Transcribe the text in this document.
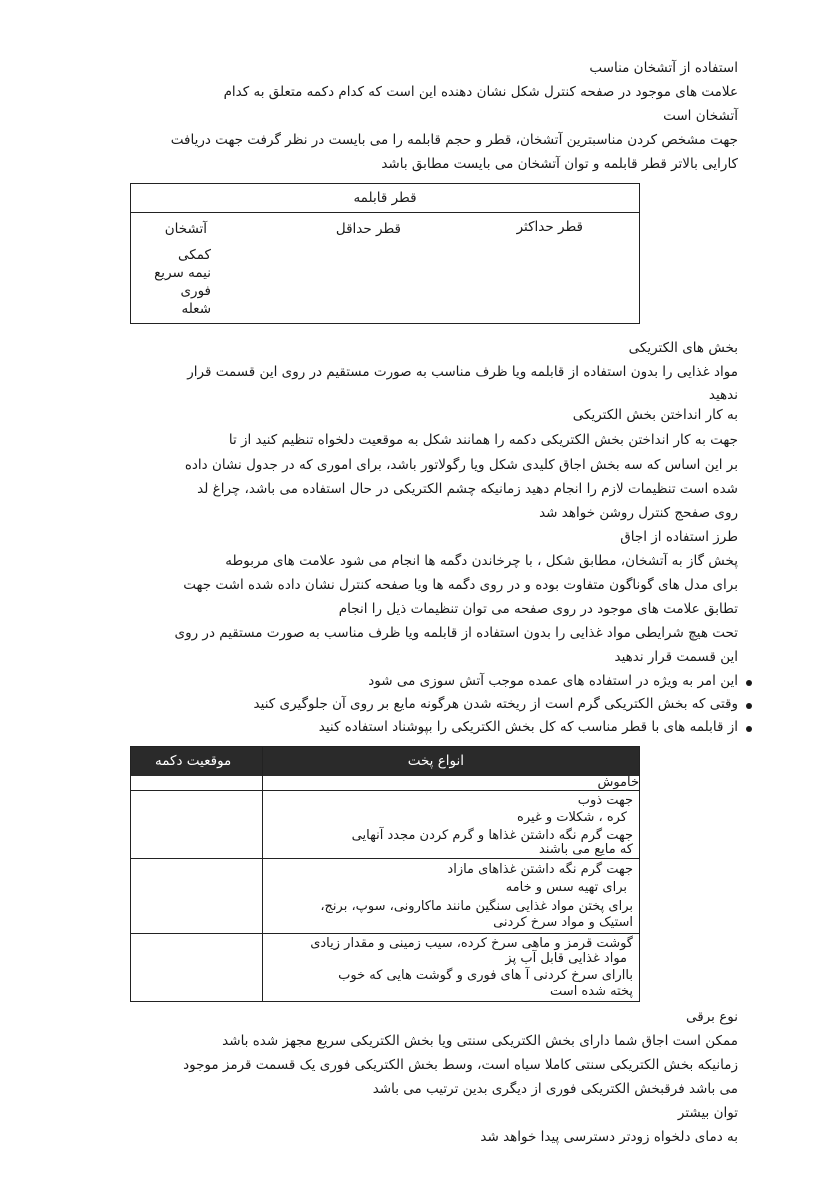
استفاده از آتشخان مناسب
علامت های موجود در صفحه کنترل شکل نشان دهنده این است که کدام دکمه متعلق به کدام
آتشخان است
جهت مشخص کردن مناسبترین آتشخان، قطر و حجم قابلمه را می بایست در نظر گرفت جهت دریافت
کارایی بالاتر قطر قابلمه و توان آتشخان می بایست مطابق باشد
قطر قابلمه
قطر حداکثر
قطر حداقل
آتشخان
کمکی
نیمه سریع
فوری
شعله
بخش های الکتریکی
مواد غذایی را بدون استفاده از قابلمه ویا ظرف مناسب به صورت مستقیم در روی این قسمت قرار
ندهید
به کار انداختن بخش الکتریکی
جهت به کار انداختن بخش الکتریکی دکمه را همانند شکل به موقعیت دلخواه تنظیم کنید از تا
بر این اساس که سه بخش اجاق کلیدی شکل ویا رگولاتور باشد، برای اموری که در جدول نشان داده
شده است تنظیمات لازم را انجام دهید زمانیکه چشم الکتریکی در حال استفاده می باشد، چراغ لد
روی صفحج کنترل روشن خواهد شد
طرز استفاده از اجاق
پخش گاز به آتشخان، مطابق شکل ، با چرخاندن دگمه ها انجام می شود علامت های مربوطه
برای مدل های گوناگون متفاوت بوده و در روی دگمه ها ویا صفحه کنترل نشان داده شده اشت جهت
تطابق علامت های موجود در روی صفحه می توان تنظیمات ذیل را انجام
تحت هیچ شرایطی مواد غذایی را بدون استفاده از قابلمه ویا ظرف مناسب به صورت مستقیم در روی
این قسمت قرار ندهید
این امر به ویژه در استفاده های عمده موجب آتش سوزی می شود
وقتی که بخش الکتریکی گرم است از ریخته شدن هرگونه مایع بر روی آن جلوگیری کنید
از قابلمه های با قطر مناسب که کل بخش الکتریکی را بپوشناد استفاده کنید
انواع پخت
موقعیت دکمه
خاموش
جهت ذوب
کره ، شکلات و غیره
جهت گرم نگه داشتن غذاها و گرم کردن مجدد آنهایی
که مایع می باشند
جهت گرم نگه داشتن غذاهای مازاد
برای تهیه سس و خامه
برای پختن مواد غذایی سنگین مانند ماکارونی، سوپ، برنج،
استیک و مواد سرخ کردنی
گوشت قرمز و ماهی سرخ کرده، سیب زمینی و مقدار زیادی
مواد غذایی قابل آب پز
باارای سرخ کردنی آ های فوری و گوشت هایی که خوب
پخته شده است
نوع برقی
ممکن است اجاق شما دارای بخش الکتریکی سنتی ویا بخش الکتریکی سریع مجهز شده باشد
زمانیکه بخش الکتریکی سنتی کاملا سیاه است، وسط بخش الکتریکی فوری یک قسمت قرمز موجود
می باشد فرقبخش الکتریکی فوری از دیگری بدین ترتیب می باشد
توان بیشتر
به دمای دلخواه زودتر دسترسی پیدا خواهد شد
